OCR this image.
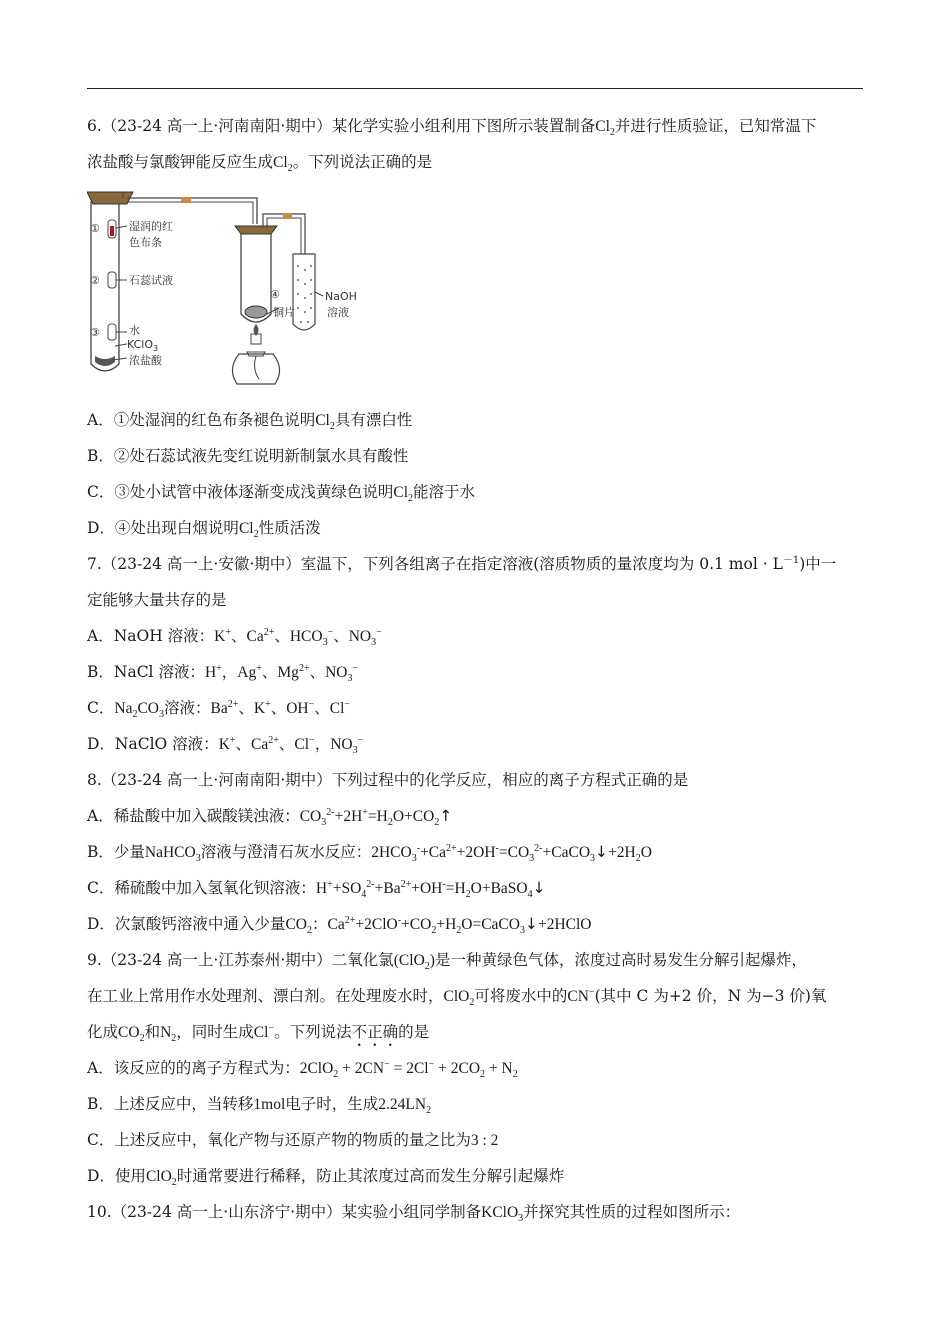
6.（23-24 高一上·河南南阳·期中）某化学实验小组利用下图所示装置制备$Cl_2$并进行性质验证，已知常温下
浓盐酸与氯酸钾能反应生成$Cl_2$。下列说法正确的是
①
②
③
④
湿润的红
色布条
石蕊试液
水
KClO$_3$
浓盐酸
铜片
NaOH
溶液
A．①处湿润的红色布条褪色说明$Cl_2$具有漂白性
B．②处石蕊试液先变红说明新制氯水具有酸性
C．③处小试管中液体逐渐变成浅黄绿色说明$Cl_2$能溶于水
D．④处出现白烟说明$Cl_2$性质活泼
7.（23-24 高一上·安徽·期中）室温下，下列各组离子在指定溶液(溶质物质的量浓度均为 0.1 mol · $L^{-1}$)中一
定能够大量共存的是
A．NaOH 溶液：K+、$Ca^{2+}$、$HCO_3^-$、$NO_3^-$
B．NaCl 溶液：H+，Ag+、$Mg^{2+}$、$NO_3^-$
C．$Na_2CO_3$溶液：$Ba^{2+}$、K+、OH−、Cl−
D．NaClO 溶液：K+、$Ca^{2+}$、Cl−，$NO_3^-$
8.（23-24 高一上·河南南阳·期中）下列过程中的化学反应，相应的离子方程式正确的是
A．稀盐酸中加入碳酸镁浊液：$CO_3^{2-}+2H^+=H_2O+CO_2↑$
B．少量NaHCO$_3$溶液与澄清石灰水反应：$2HCO_3^-+Ca^{2+}+2OH^-=CO_3^{2-}+CaCO_3↓+2H_2O$
C．稀硫酸中加入氢氧化钡溶液：$H^++SO_4^{2-}+Ba^{2+}+OH^-=H_2O+BaSO_4↓$
D．次氯酸钙溶液中通入少量$CO_2$：$Ca^{2+}+2ClO^-+CO_2+H_2O=CaCO_3↓+2HClO$
9.（23-24 高一上·江苏泰州·期中）二氧化氯(ClO$_2$)是一种黄绿色气体，浓度过高时易发生分解引起爆炸，
在工业上常用作水处理剂、漂白剂。在处理废水时，ClO$_2$可将废水中的CN−(其中 C 为+2 价，N 为−3 价)氧
化成$CO_2$和$N_2$，同时生成Cl−。下列说法不正确的是
A．该反应的的离子方程式为：$2ClO_2 + 2CN^- = 2Cl^- + 2CO_2 + N_2$
B．上述反应中，当转移1mol电子时，生成$2.24LN_2$
C．上述反应中，氧化产物与还原产物的物质的量之比为3 : 2
D．使用ClO$_2$时通常要进行稀释，防止其浓度过高而发生分解引起爆炸
10.（23-24 高一上·山东济宁·期中）某实验小组同学制备KClO$_3$并探究其性质的过程如图所示：
